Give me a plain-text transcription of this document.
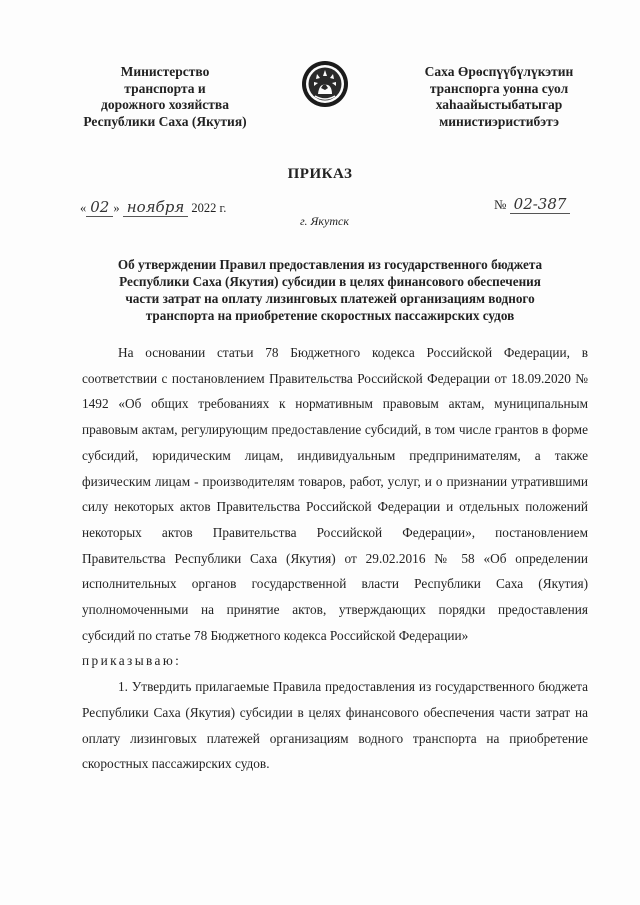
Министерство
транспорта и
дорожного хозяйства
Республики Саха (Якутия)
Саха Өрөспүүбүлүкэтин
транспорга уонна суол
хаһаайыстыбатыгар
министиэристибэтэ
ПРИКАЗ
« 02 » ноября 2022 г.	№ 02-387
г. Якутск
Об утверждении Правил предоставления из государственного бюджета
Республики Саха (Якутия) субсидии в целях финансового обеспечения
части затрат на оплату лизинговых платежей организациям водного
транспорта на приобретение скоростных пассажирских судов

На основании статьи 78 Бюджетного кодекса Российской Федерации, в соответствии с постановлением Правительства Российской Федерации от 18.09.2020 № 1492 «Об общих требованиях к нормативным правовым актам, муниципальным правовым актам, регулирующим предоставление субсидий, в том числе грантов в форме субсидий, юридическим лицам, индивидуальным предпринимателям, а также физическим лицам - производителям товаров, работ, услуг, и о признании утратившими силу некоторых актов Правительства Российской Федерации и отдельных положений некоторых актов Правительства Российской Федерации», постановлением Правительства Республики Саха (Якутия) от 29.02.2016 № 58 «Об определении исполнительных органов государственной власти Республики Саха (Якутия) уполномоченными на принятие актов, утверждающих порядки предоставления субсидий по статье 78 Бюджетного кодекса Российской Федерации»
приказываю:

1. Утвердить прилагаемые Правила предоставления из государственного бюджета Республики Саха (Якутия) субсидии в целях финансового обеспечения части затрат на оплату лизинговых платежей организациям водного транспорта на приобретение скоростных пассажирских судов.
